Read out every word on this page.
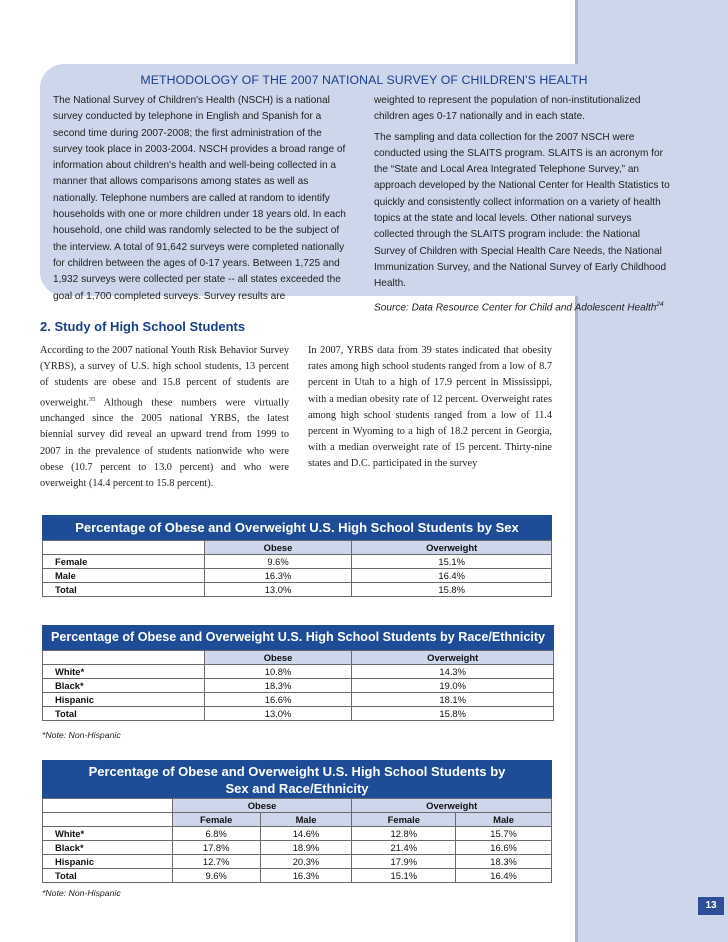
13
METHODOLOGY OF THE 2007 NATIONAL SURVEY OF CHILDREN'S HEALTH

The National Survey of Children's Health (NSCH) is a national survey conducted by telephone in English and Spanish for a second time during 2007-2008; the first administration of the survey took place in 2003-2004. NSCH provides a broad range of information about children's health and well-being collected in a manner that allows comparisons among states as well as nationally. Telephone numbers are called at random to identify households with one or more children under 18 years old. In each household, one child was randomly selected to be the subject of the interview. A total of 91,642 surveys were completed nationally for children between the ages of 0-17 years. Between 1,725 and 1,932 surveys were collected per state -- all states exceeded the goal of 1,700 completed surveys. Survey results are

weighted to represent the population of non-institutionalized children ages 0-17 nationally and in each state.

The sampling and data collection for the 2007 NSCH were conducted using the SLAITS program. SLAITS is an acronym for the “State and Local Area Integrated Telephone Survey,” an approach developed by the National Center for Health Statistics to quickly and consistently collect information on a variety of health topics at the state and local levels. Other national surveys collected through the SLAITS program include: the National Survey of Children with Special Health Care Needs, the National Immunization Survey, and the National Survey of Early Childhood Health.

Source: Data Resource Center for Child and Adolescent Health$^{24}$

2. Study of High School Students
According to the 2007 national Youth Risk Behavior Survey (YRBS), a survey of U.S. high school students, 13 percent of students are obese and 15.8 percent of students are overweight.$^{35}$ Although these numbers were virtually unchanged since the 2005 national YRBS, the latest biennial survey did reveal an upward trend from 1999 to 2007 in the prevalence of students nationwide who were obese (10.7 percent to 13.0 percent) and who were overweight (14.4 percent to 15.8 percent).
In 2007, YRBS data from 39 states indicated that obesity rates among high school students ranged from a low of 8.7 percent in Utah to a high of 17.9 percent in Mississippi, with a median obesity rate of 12 percent. Overweight rates among high school students ranged from a low of 11.4 percent in Wyoming to a high of 18.2 percent in Georgia, with a median overweight rate of 15 percent. Thirty-nine states and D.C. participated in the survey
Percentage of Obese and Overweight U.S. High School Students by Sex
	Obese	Overweight
Female	9.6%	15.1%
Male	16.3%	16.4%
Total	13.0%	15.8%
Percentage of Obese and Overweight U.S. High School Students by Race/Ethnicity
	Obese	Overweight
White*	10.8%	14.3%
Black*	18.3%	19.0%
Hispanic	16.6%	18.1%
Total	13.0%	15.8%
*Note: Non-Hispanic
Percentage of Obese and Overweight U.S. High School Students by
Sex and Race/Ethnicity
	Obese		Overweight	
	Female	Male	Female	Male
White*	6.8%	14.6%	12.8%	15.7%
Black*	17.8%	18.9%	21.4%	16.6%
Hispanic	12.7%	20.3%	17.9%	18.3%
Total	9.6%	16.3%	15.1%	16.4%
*Note: Non-Hispanic
